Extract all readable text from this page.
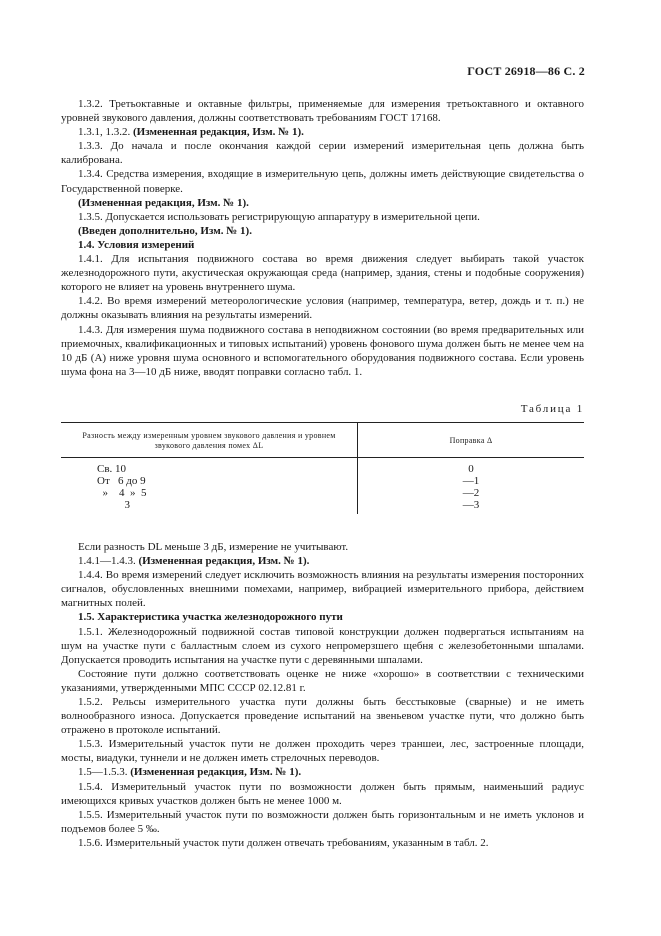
ГОСТ 26918—86 С. 2

1.3.2. Третьоктавные и октавные фильтры, применяемые для измерения третьоктавного и октавного уровней звукового давления, должны соответствовать требованиям ГОСТ 17168.

1.3.1, 1.3.2. (Измененная редакция, Изм. № 1).

1.3.3. До начала и после окончания каждой серии измерений измерительная цепь должна быть калибрована.

1.3.4. Средства измерения, входящие в измерительную цепь, должны иметь действующие свидетельства о Государственной поверке.

(Измененная редакция, Изм. № 1).

1.3.5. Допускается использовать регистрирующую аппаратуру в измерительной цепи.

(Введен дополнительно, Изм. № 1).

1.4. Условия измерений

1.4.1. Для испытания подвижного состава во время движения следует выбирать такой участок железнодорожного пути, акустическая окружающая среда (например, здания, стены и подобные сооружения) которого не влияет на уровень внутреннего шума.

1.4.2. Во время измерений метеорологические условия (например, температура, ветер, дождь и т. п.) не должны оказывать влияния на результаты измерений.

1.4.3. Для измерения шума подвижного состава в неподвижном состоянии (во время предварительных или приемочных, квалификационных и типовых испытаний) уровень фонового шума должен быть не менее чем на 10 дБ (А) ниже уровня шума основного и вспомогательного оборудования подвижного состава. Если уровень шума фона на 3—10 дБ ниже, вводят поправки согласно табл. 1.

Таблица 1
Разность между измеренным уровнем звукового давления и уровнем звукового давления помех ΔL	Поправка Δ
Св. 10	0
От   6 до 9	—1
»    4  »  5	—2
3	—3

Если разность DL меньше 3 дБ, измерение не учитывают.

1.4.1—1.4.3. (Измененная редакция, Изм. № 1).

1.4.4. Во время измерений следует исключить возможность влияния на результаты измерения посторонних сигналов, обусловленных внешними помехами, например, вибрацией измерительного прибора, действием магнитных полей.

1.5. Характеристика участка железнодорожного пути

1.5.1. Железнодорожный подвижной состав типовой конструкции должен подвергаться испытаниям на шум на участке пути с балластным слоем из сухого непромерзшего щебня с железобетонными шпалами. Допускается проводить испытания на участке пути с деревянными шпалами.

Состояние пути должно соответствовать оценке не ниже «хорошо» в соответствии с техническими указаниями, утвержденными МПС СССР 02.12.81 г.

1.5.2. Рельсы измерительного участка пути должны быть бесстыковые (сварные) и не иметь волнообразного износа. Допускается проведение испытаний на звеньевом участке пути, что должно быть отражено в протоколе испытаний.

1.5.3. Измерительный участок пути не должен проходить через траншеи, лес, застроенные площади, мосты, виадуки, туннели и не должен иметь стрелочных переводов.

1.5—1.5.3. (Измененная редакция, Изм. № 1).

1.5.4. Измерительный участок пути по возможности должен быть прямым, наименьший радиус имеющихся кривых участков должен быть не менее 1000 м.

1.5.5. Измерительный участок пути по возможности должен быть горизонтальным и не иметь уклонов и подъемов более 5 ‰.

1.5.6. Измерительный участок пути должен отвечать требованиям, указанным в табл. 2.
